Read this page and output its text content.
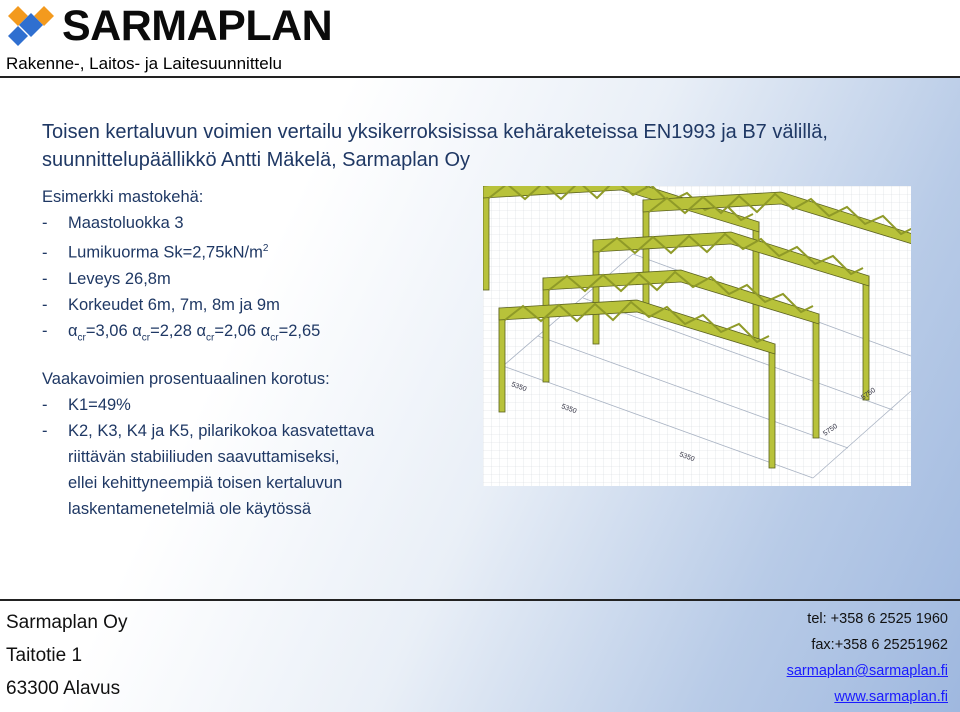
SARMAPLAN
Rakenne-, Laitos- ja Laitesuunnittelu
Toisen kertaluvun voimien vertailu yksikerroksisissa kehäraketeissa EN1993 ja B7 välillä,
suunnittelupäällikkö Antti Mäkelä, Sarmaplan Oy
Esimerkki mastokehä:
- Maastoluokka 3
- Lumikuorma $Sk=2,75kN/m^2$
- Leveys 26,8m
- Korkeudet 6m, 7m, 8m ja 9m
- $\alpha_{cr}=3,06$ $\alpha_{cr}=2,28$ $\alpha_{cr}=2,06$ $\alpha_{cr}=2,65$
Vaakavoimien prosentuaalinen korotus:
- K1=49%
- K2, K3, K4 ja K5, pilarikokoa kasvatettava
riittävän stabiiliuden saavuttamiseksi,
ellei kehittyneempiä toisen kertaluvun
laskentamenetelmiä ole käytössä
5350
5350
5350
5750
5750
Sarmaplan Oy
Taitotie 1
63300 Alavus
tel: +358 6 2525 1960
fax:+358 6 25251962
sarmaplan@sarmaplan.fi
www.sarmaplan.fi
